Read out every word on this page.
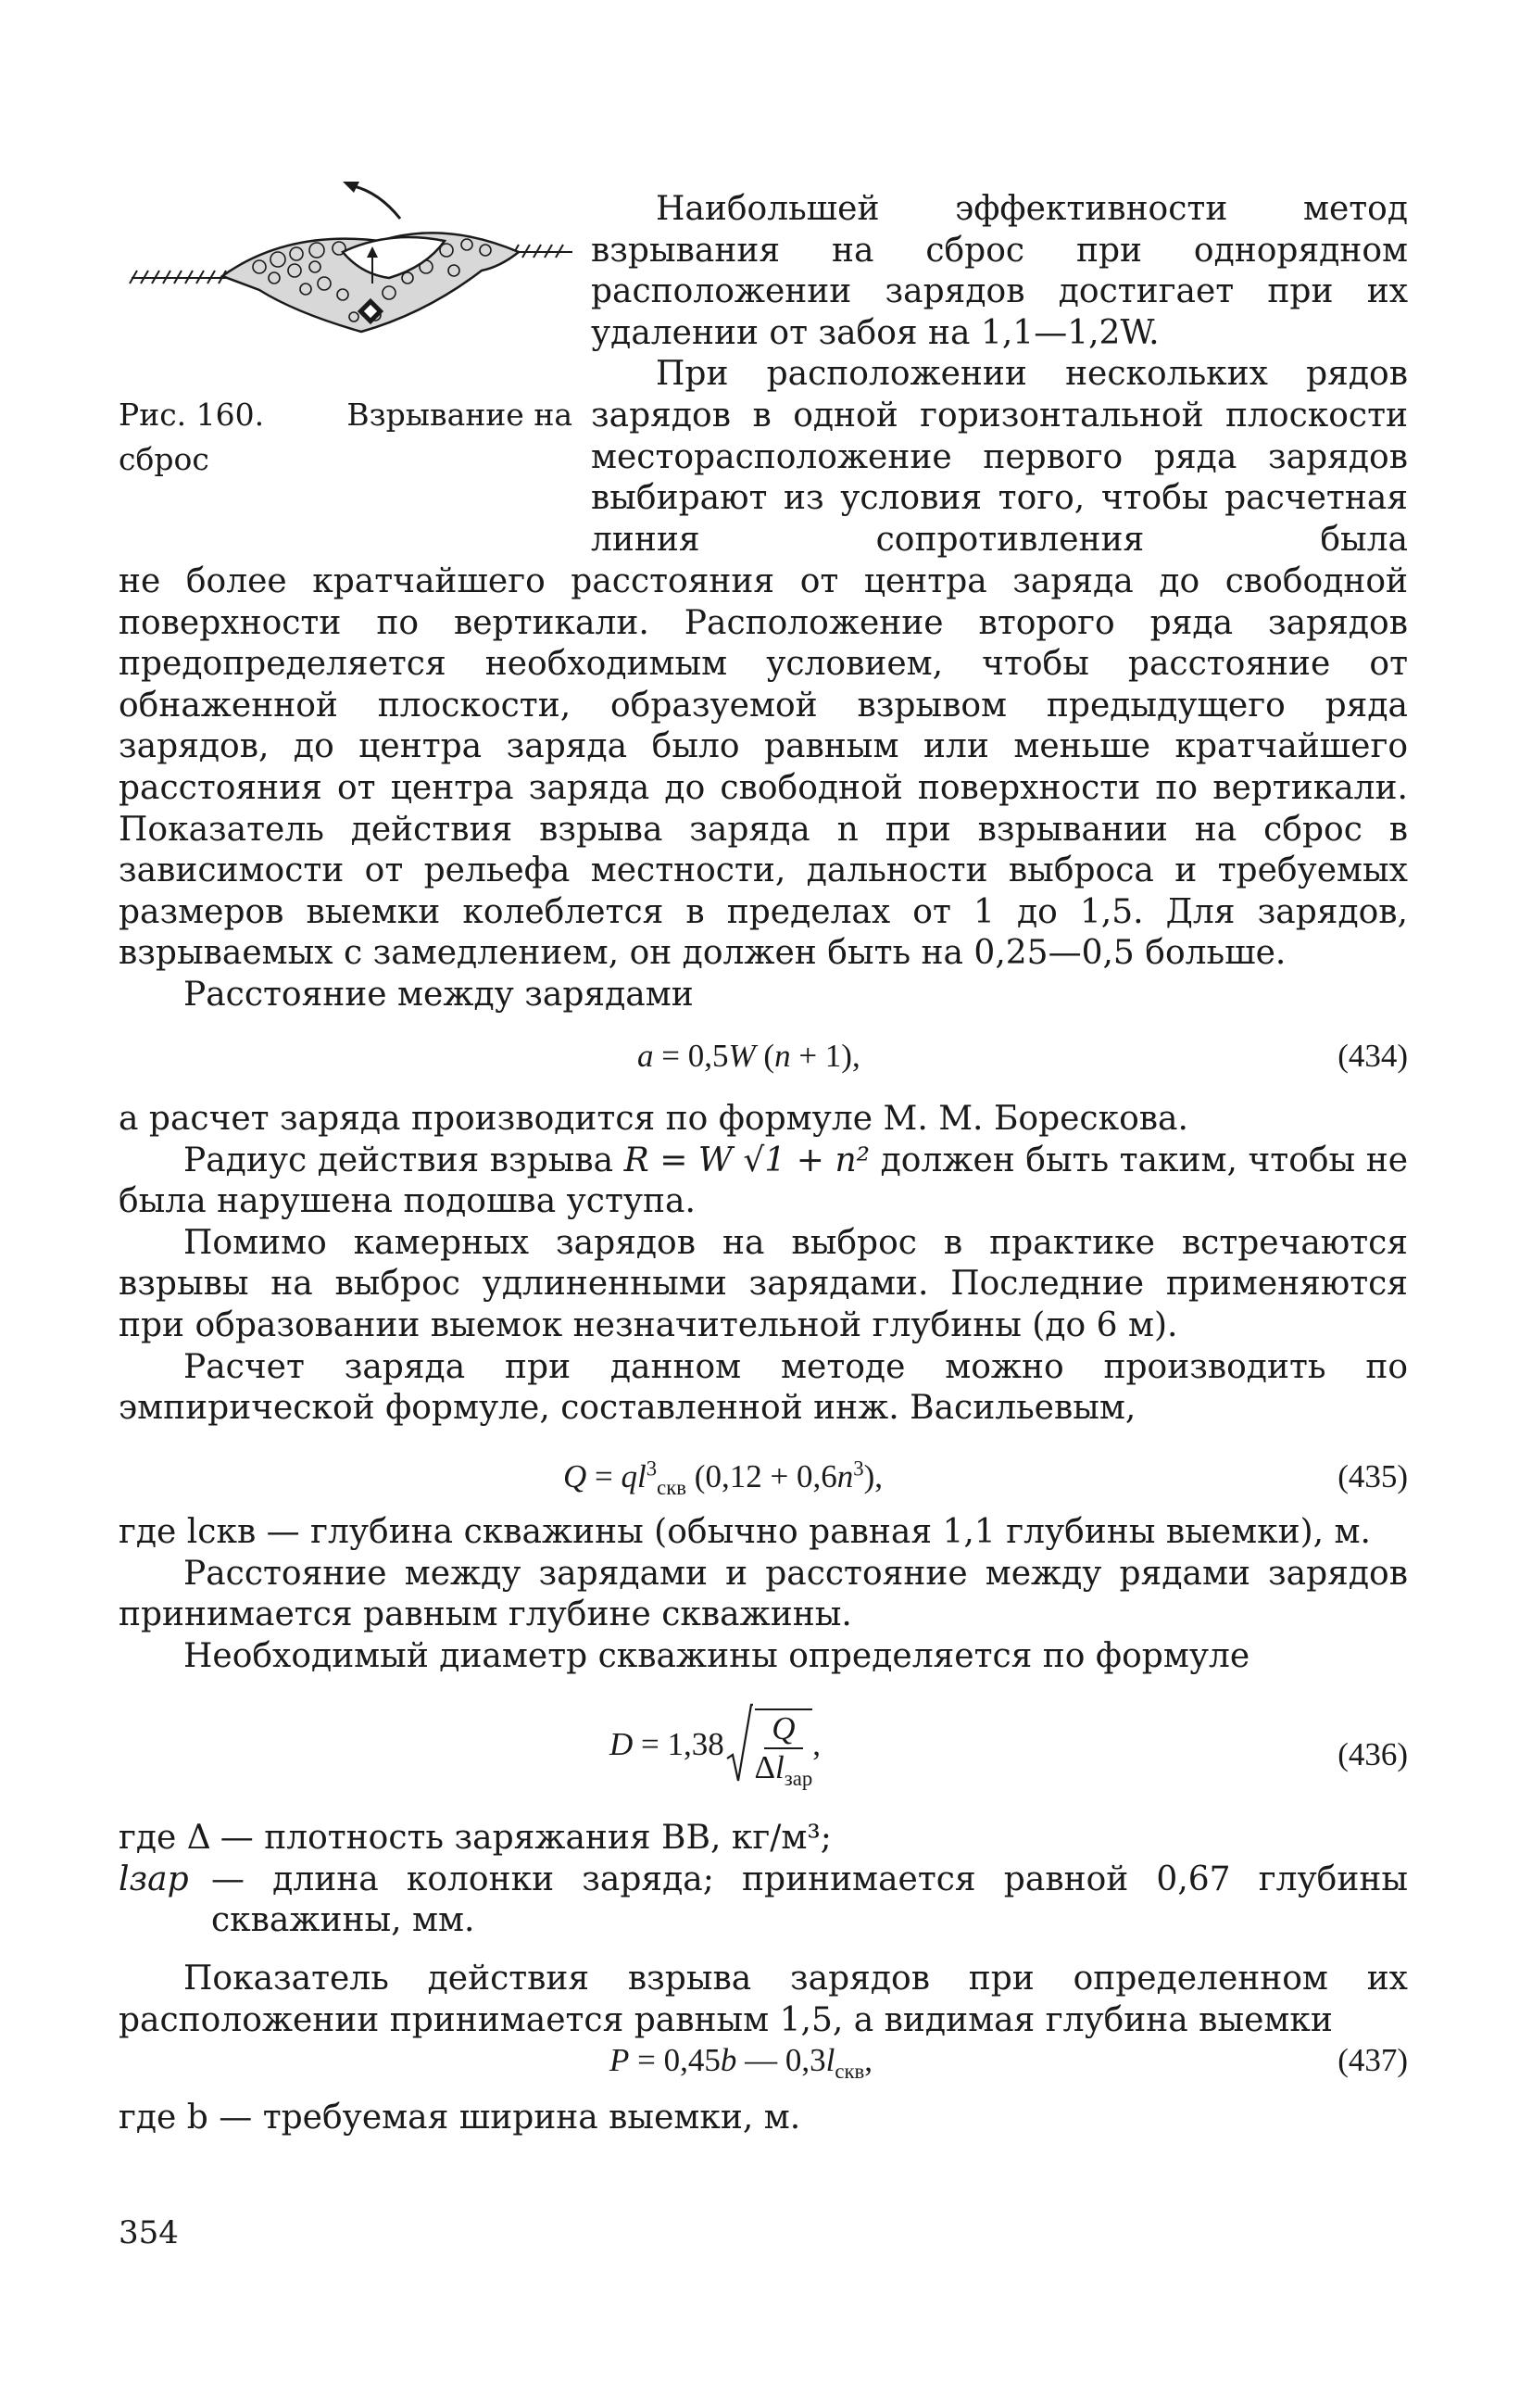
Рис. 160.	Взрывание на
сброс

Наибольшей эффективности метод взрывания на сброс при однорядном расположении зарядов достигает при их удалении от забоя на 1,1—1,2W.

При расположении нескольких рядов зарядов в одной горизонтальной плоскости месторасположение первого ряда зарядов выбирают из условия того, чтобы расчетная линия сопротивления была

не более кратчайшего расстояния от центра заряда до свободной поверхности по вертикали. Расположение второго ряда зарядов предопределяется необходимым условием, чтобы расстояние от обнаженной плоскости, образуемой взрывом предыдущего ряда зарядов, до центра заряда было равным или меньше кратчайшего расстояния от центра заряда до свободной поверхности по вертикали. Показатель действия взрыва заряда n при взрывании на сброс в зависимости от рельефа местности, дальности выброса и требуемых размеров выемки колеблется в пределах от 1 до 1,5. Для зарядов, взрываемых с замедлением, он должен быть на 0,25—0,5 больше.

Расстояние между зарядами

a = 0,5W (n + 1),	(434)

а расчет заряда производится по формуле М. М. Борескова.

Радиус действия взрыва R = W √1 + n² должен быть таким, чтобы не была нарушена подошва уступа.

Помимо камерных зарядов на выброс в практике встречаются взрывы на выброс удлиненными зарядами. Последние применяются при образовании выемок незначительной глубины (до 6 м).

Расчет заряда при данном методе можно производить по эмпирической формуле, составленной инж. Васильевым,

$Q = ql^3_{скв}$ $(0,12 + 0,6n^3)$,	(435)

где lскв — глубина скважины (обычно равная 1,1 глубины выемки), м.

Расстояние между зарядами и расстояние между рядами зарядов принимается равным глубине скважины.

Необходимый диаметр скважины определяется по формуле

$D = 1,38 \frac{Q}{\Delta l_{зар}}$ ,	(436)
где Δ — плотность заряжания ВВ, кг/м³;
lзар — длина колонки заряда; принимается равной 0,67 глубины скважины, мм.

Показатель действия взрыва зарядов при определенном их расположении принимается равным 1,5, а видимая глубина выемки

P = 0,45b — $0,3l_{скв}$,	(437)

где b — требуемая ширина выемки, м.

354
